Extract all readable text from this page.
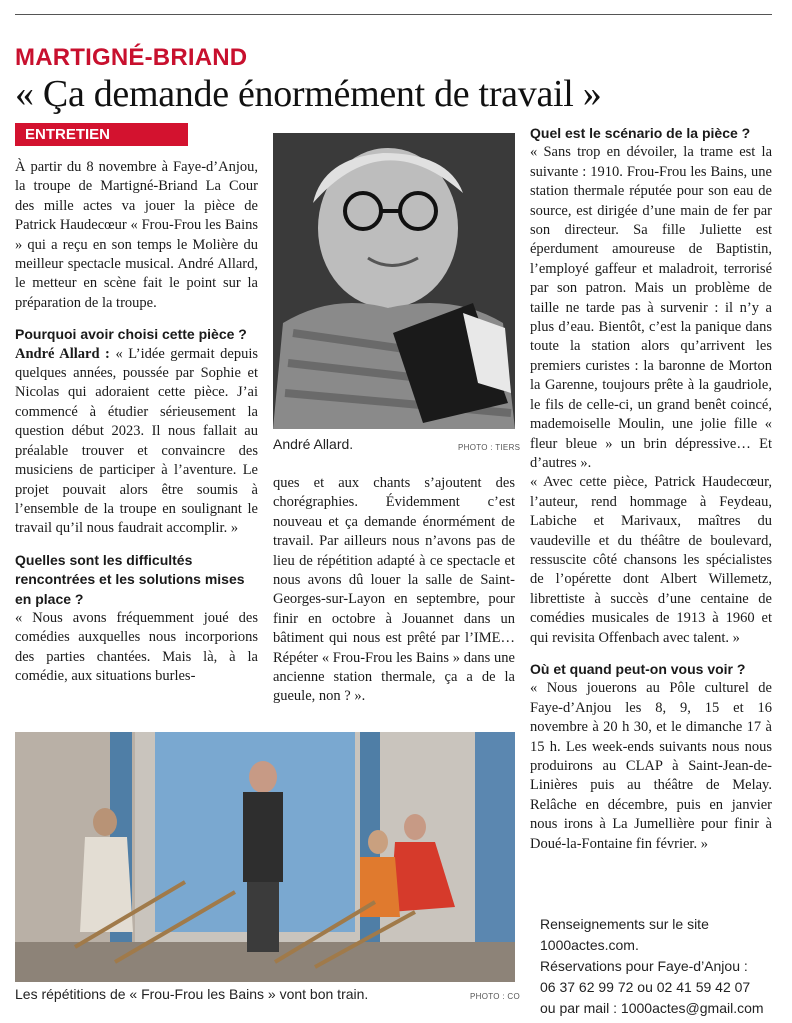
MARTIGNÉ-BRIAND
« Ça demande énormément de travail »
ENTRETIEN

À partir du 8 novembre à Faye-d’Anjou, la troupe de Martigné-Briand La Cour des mille actes va jouer la pièce de Patrick Haudecœur « Frou-Frou les Bains » qui a reçu en son temps le Molière du meilleur spectacle musical. André Allard, le metteur en scène fait le point sur la préparation de la troupe.

Pourquoi avoir choisi cette pièce ?

André Allard : « L’idée germait depuis quelques années, poussée par Sophie et Nicolas qui adoraient cette pièce. J’ai commencé à étudier sérieusement la question début 2023. Il nous fallait au préalable trouver et convaincre des musiciens de participer à l’aventure. Le projet pouvait alors être soumis à l’ensemble de la troupe en soulignant le travail qu’il nous faudrait accomplir. »

Quelles sont les difficultés rencontrées et les solutions mises en place ?

« Nous avons fréquemment joué des comédies auxquelles nous incorporions des parties chantées. Mais là, à la comédie, aux situations burles-

André Allard.	PHOTO : TIERS

ques et aux chants s’ajoutent des chorégraphies. Évidemment c’est nouveau et ça demande énormément de travail. Par ailleurs nous n’avons pas de lieu de répétition adapté à ce spectacle et nous avons dû louer la salle de Saint-Georges-sur-Layon en septembre, pour finir en octobre à Jouannet dans un bâtiment qui nous est prêté par l’IME… Répéter « Frou-Frou les Bains » dans une ancienne station thermale, ça a de la gueule, non ? ».

Quel est le scénario de la pièce ?

« Sans trop en dévoiler, la trame est la suivante : 1910. Frou-Frou les Bains, une station thermale réputée pour son eau de source, est dirigée d’une main de fer par son directeur. Sa fille Juliette est éperdument amoureuse de Baptistin, l’employé gaffeur et maladroit, terrorisé par son patron. Mais un problème de taille ne tarde pas à survenir : il n’y a plus d’eau. Bientôt, c’est la panique dans toute la station alors qu’arrivent les premiers curistes : la baronne de Morton la Garenne, toujours prête à la gaudriole, le fils de celle-ci, un grand benêt coincé, mademoiselle Moulin, une jolie fille « fleur bleue » un brin dépressive… Et d’autres ».

« Avec cette pièce, Patrick Haudecœur, l’auteur, rend hommage à Feydeau, Labiche et Marivaux, maîtres du vaudeville et du théâtre de boulevard, ressuscite côté chansons les spécialistes de l’opérette dont Albert Willemetz, librettiste à succès d’une centaine de comédies musicales de 1913 à 1960 et qui revisita Offenbach avec talent. »

Où et quand peut-on vous voir ?

« Nous jouerons au Pôle culturel de Faye-d’Anjou les 8, 9, 15 et 16 novembre à 20 h 30, et le dimanche 17 à 15 h. Les week-ends suivants nous nous produirons au CLAP à Saint-Jean-de-Linières puis au théâtre de Melay. Relâche en décembre, puis en janvier nous irons à La Jumellière pour finir à Doué-la-Fontaine fin février. »

Renseignements sur le site
1000actes.com.
Réservations pour Faye-d’Anjou :
06 37 62 99 72 ou 02 41 59 42 07
ou par mail : 1000actes@gmail.com
Les répétitions de « Frou-Frou les Bains » vont bon train.	PHOTO : CO
